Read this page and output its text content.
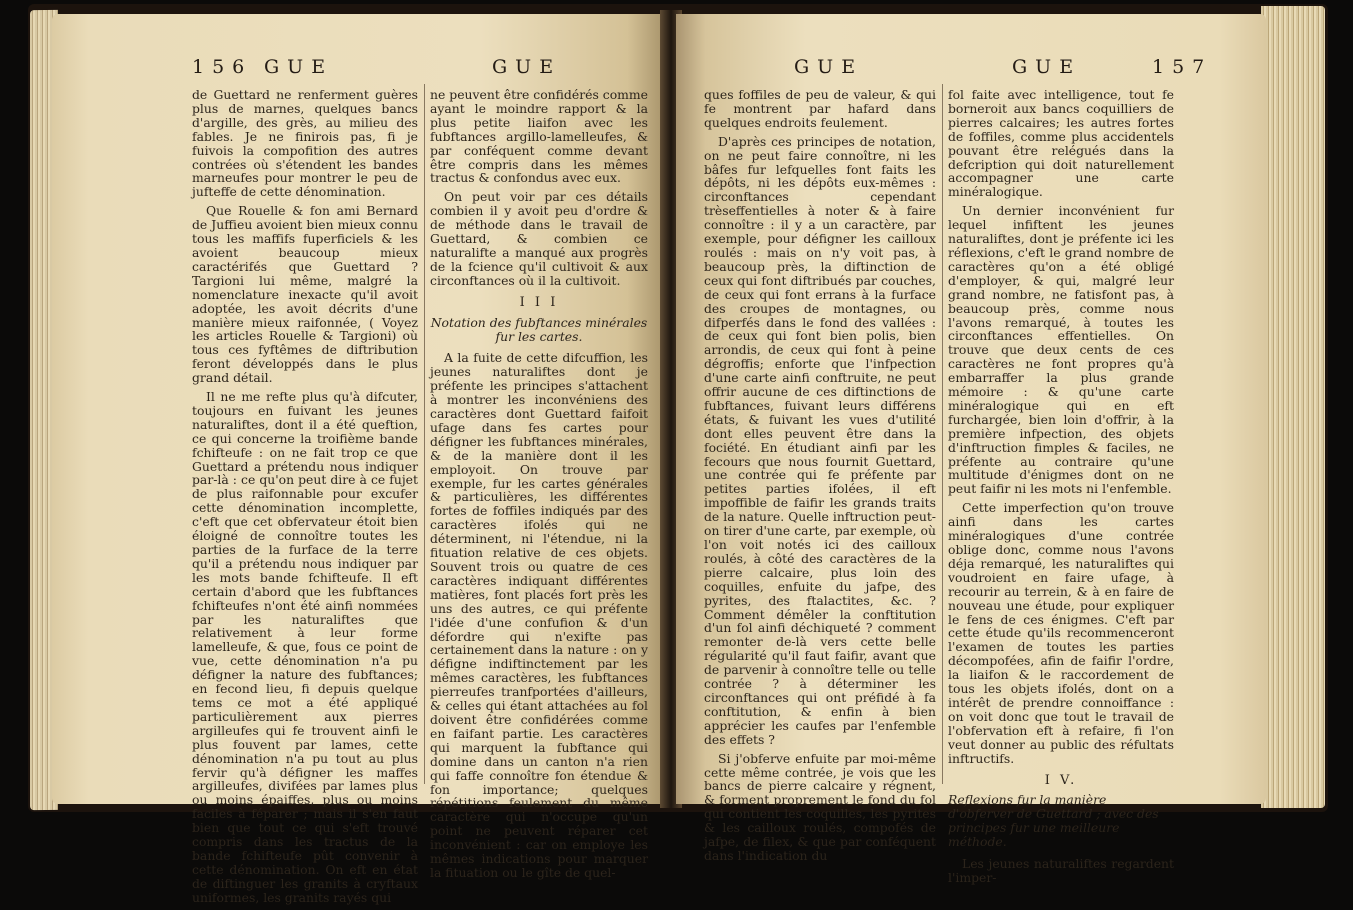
156 GUE	GUE

de Guettard ne renferment guères plus de marnes, quelques bancs d'argille, des grès, au milieu des fables. Je ne finirois pas, fi je fuivois la compofition des autres contrées où s'étendent les bandes marneufes pour montrer le peu de jufteffe de cette dénomination.

Que Rouelle & fon ami Bernard de Juffieu avoient bien mieux connu tous les maffifs fuperficiels & les avoient beaucoup mieux caractérifés que Guettard ? Targioni lui même, malgré la nomenclature inexacte qu'il avoit adoptée, les avoit décrits d'une manière mieux raifonnée, ( Voyez les articles Rouelle & Targioni) où tous ces fyftêmes de diftribution feront développés dans le plus grand détail.

Il ne me refte plus qu'à difcuter, toujours en fuivant les jeunes naturaliftes, dont il a été queftion, ce qui concerne la troifième bande fchifteufe : on ne fait trop ce que Guettard a prétendu nous indiquer par-là : ce qu'on peut dire à ce fujet de plus raifonnable pour excufer cette dénomination incomplette, c'eft que cet obfervateur étoit bien éloigné de connoître toutes les parties de la furface de la terre qu'il a prétendu nous indiquer par les mots bande fchifteufe. Il eft certain d'abord que les fubftances fchifteufes n'ont été ainfi nommées par les naturaliftes que relativement à leur forme lamelleufe, & que, fous ce point de vue, cette dénomination n'a pu défigner la nature des fubftances; en fecond lieu, fi depuis quelque tems ce mot a été appliqué particulièrement aux pierres argilleufes qui fe trouvent ainfi le plus fouvent par lames, cette dénomination n'a pu tout au plus fervir qu'à défigner les maffes argilleufes, divifées par lames plus ou moins épaiffes, plus ou moins faciles à féparer ; mais il s'en faut bien que tout ce qui s'eft trouvé compris dans les tractus de la bande fchifteufe pût convenir à cette dénomination. On eft en état de diftinguer les granits à cryftaux uniformes, les granits rayés qui

ne peuvent être confidérés comme ayant le moindre rapport & la plus petite liaifon avec les fubftances argillo-lamelleufes, & par conféquent comme devant être compris dans les mêmes tractus & confondus avec eux.

On peut voir par ces détails combien il y avoit peu d'ordre & de méthode dans le travail de Guettard, & combien ce naturalifte a manqué aux progrès de la fcience qu'il cultivoit & aux circonftances où il la cultivoit.

I I I

Notation des fubftances minérales fur les cartes.

A la fuite de cette difcuffion, les jeunes naturaliftes dont je préfente les principes s'attachent à montrer les inconvéniens des caractères dont Guettard faifoit ufage dans fes cartes pour défigner les fubftances minérales, & de la manière dont il les employoit. On trouve par exemple, fur les cartes générales & particulières, les différentes fortes de foffiles indiqués par des caractères ifolés qui ne déterminent, ni l'étendue, ni la fituation relative de ces objets. Souvent trois ou quatre de ces caractères indiquant différentes matières, font placés fort près les uns des autres, ce qui préfente l'idée d'une confufion & d'un défordre qui n'exifte pas certainement dans la nature : on y défigne indiftinctement par les mêmes caractères, les fubftances pierreufes tranfportées d'ailleurs, & celles qui étant attachées au fol doivent être confidérées comme en faifant partie. Les caractères qui marquent la fubftance qui domine dans un canton n'a rien qui faffe connoître fon étendue & fon importance; quelques répétitions feulement du même caractère qui n'occupe qu'un point ne peuvent réparer cet inconvénient : car on employe les mêmes indications pour marquer la fituation ou le gîte de quel-

GUE	GUE	157

ques foffiles de peu de valeur, & qui fe montrent par hafard dans quelques endroits feulement.

D'après ces principes de notation, on ne peut faire connoître, ni les bâfes fur lefquelles font faits les dépôts, ni les dépôts eux-mêmes : circonftances cependant trèseffentielles à noter & à faire connoître : il y a un caractère, par exemple, pour défigner les cailloux roulés : mais on n'y voit pas, à beaucoup près, la diftinction de ceux qui font diftribués par couches, de ceux qui font errans à la furface des croupes de montagnes, ou difperfés dans le fond des vallées : de ceux qui font bien polis, bien arrondis, de ceux qui font à peine dégroffis; enforte que l'infpection d'une carte ainfi conftruite, ne peut offrir aucune de ces diftinctions de fubftances, fuivant leurs différens états, & fuivant les vues d'utilité dont elles peuvent être dans la fociété. En étudiant ainfi par les fecours que nous fournit Guettard, une contrée qui fe préfente par petites parties ifolées, il eft impoffible de faifir les grands traits de la nature. Quelle inftruction peut-on tirer d'une carte, par exemple, où l'on voit notés ici des cailloux roulés, à côté des caractères de la pierre calcaire, plus loin des coquilles, enfuite du jafpe, des pyrites, des ftalactites, &c. ? Comment démêler la conftitution d'un fol ainfi déchiqueté ? comment remonter de-là vers cette belle régularité qu'il faut faifir, avant que de parvenir à connoître telle ou telle contrée ? à déterminer les circonftances qui ont préfidé à fa conftitution, & enfin à bien apprécier les caufes par l'enfemble des effets ?

Si j'obferve enfuite par moi-même cette même contrée, je vois que les bancs de pierre calcaire y régnent, & forment proprement le fond du fol qui contient les coquilles, les pyrites & les cailloux roulés, compofés de jafpe, de filex, & que par conféquent dans l'indication du

fol faite avec intelligence, tout fe borneroit aux bancs coquilliers de pierres calcaires; les autres fortes de foffiles, comme plus accidentels pouvant être relégués dans la defcription qui doit naturellement accompagner une carte minéralogique.

Un dernier inconvénient fur lequel infiftent les jeunes naturaliftes, dont je préfente ici les réflexions, c'eft le grand nombre de caractères qu'on a été obligé d'employer, & qui, malgré leur grand nombre, ne fatisfont pas, à beaucoup près, comme nous l'avons remarqué, à toutes les circonftances effentielles. On trouve que deux cents de ces caractères ne font propres qu'à embarraffer la plus grande mémoire : & qu'une carte minéralogique qui en eft furchargée, bien loin d'offrir, à la première infpection, des objets d'inftruction fimples & faciles, ne préfente au contraire qu'une multitude d'énigmes dont on ne peut faifir ni les mots ni l'enfemble.

Cette imperfection qu'on trouve ainfi dans les cartes minéralogiques d'une contrée oblige donc, comme nous l'avons déja remarqué, les naturaliftes qui voudroient en faire ufage, à recourir au terrein, & à en faire de nouveau une étude, pour expliquer le fens de ces énigmes. C'eft par cette étude qu'ils recommenceront l'examen de toutes les parties décompofées, afin de faifir l'ordre, la liaifon & le raccordement de tous les objets ifolés, dont on a intérêt de prendre connoiffance : on voit donc que tout le travail de l'obfervation eft à refaire, fi l'on veut donner au public des réfultats inftructifs.

I V.

Reflexions fur la manière d'obferver de Guettard ; avec des principes fur une meilleure méthode.

Les jeunes naturaliftes regardent l'imper-
